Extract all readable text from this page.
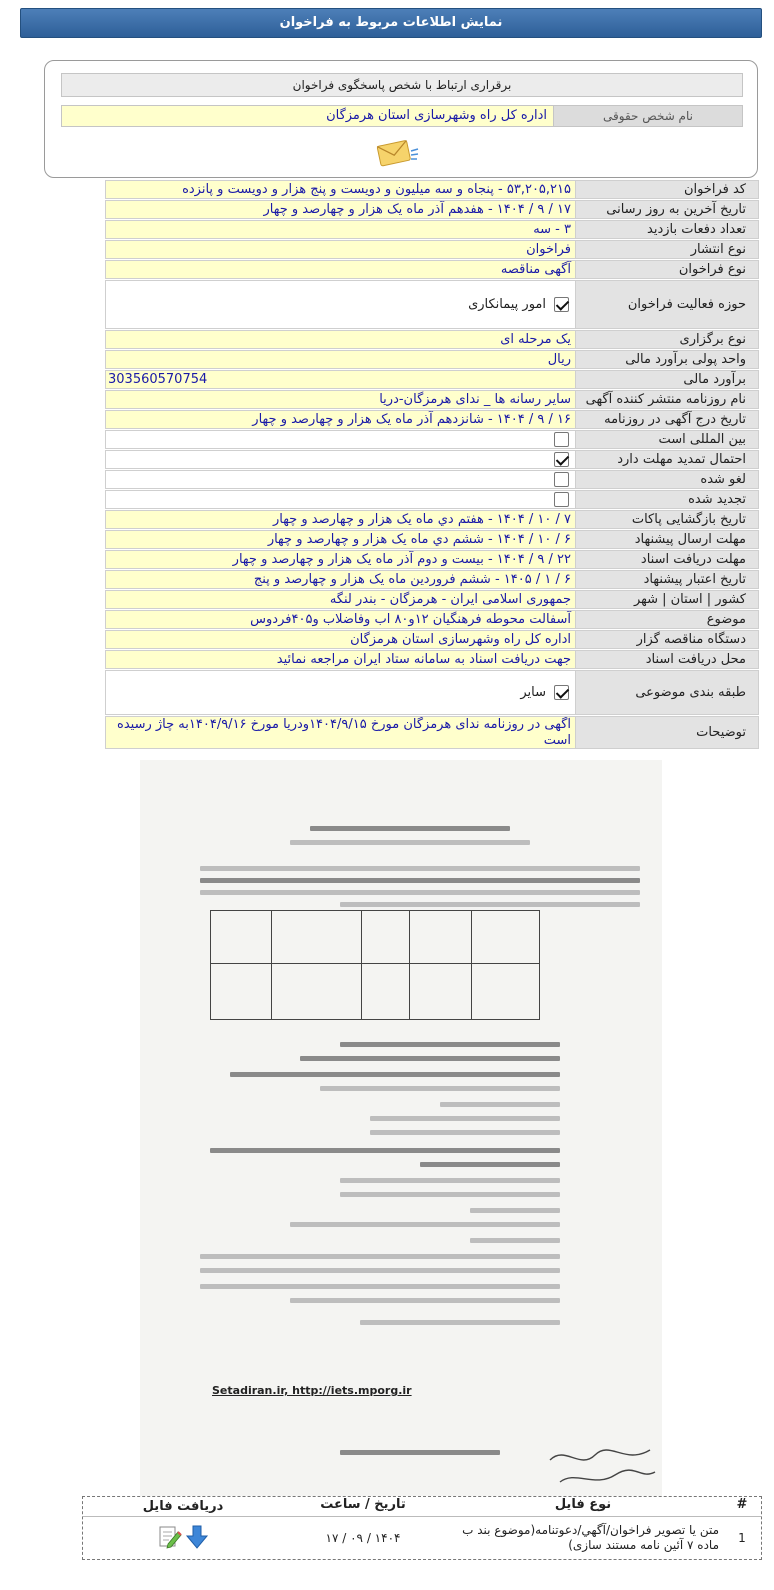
نمایش اطلاعات مربوط به فراخوان
برقراری ارتباط با شخص پاسخگوی فراخوان
نام شخص حقوقی
اداره کل راه وشهرسازی استان هرمزگان
کد فراخوان
۵۳,۲۰۵,۲۱۵ - پنجاه و سه میلیون و دویست و پنج هزار و دویست و پانزده
تاریخ آخرین به روز رسانی
۱۷ / ۹ / ۱۴۰۴ - هفدهم آذر ماه یک هزار و چهارصد و چهار
تعداد دفعات بازدید
۳ - سه
نوع انتشار
فراخوان
نوع فراخوان
آگهی مناقصه
حوزه فعالیت فراخوان
امور پیمانکاری
نوع برگزاری
یک مرحله ای
واحد پولی برآورد مالی
ریال
برآورد مالی
303560570754
نام روزنامه منتشر کننده آگهی
سایر رسانه ها _ ندای هرمزگان-دریا
تاریخ درج آگهی در روزنامه
۱۶ / ۹ / ۱۴۰۴ - شانزدهم آذر ماه یک هزار و چهارصد و چهار
بین المللی است
احتمال تمدید مهلت دارد
لغو شده
تجدید شده
تاریخ بازگشایی پاکات
۷ / ۱۰ / ۱۴۰۴ - هفتم دي ماه یک هزار و چهارصد و چهار
مهلت ارسال پیشنهاد
۶ / ۱۰ / ۱۴۰۴ - ششم دي ماه یک هزار و چهارصد و چهار
مهلت دریافت اسناد
۲۲ / ۹ / ۱۴۰۴ - بیست و دوم آذر ماه یک هزار و چهارصد و چهار
تاریخ اعتبار پیشنهاد
۶ / ۱ / ۱۴۰۵ - ششم فروردین ماه یک هزار و چهارصد و پنج
کشور | استان | شهر
جمهوری اسلامی ایران - هرمزگان - بندر لنگه
موضوع
آسفالت محوطه فرهنگیان ۱۲و۸۰ اب وفاضلاب و۴۰۵فردوس
دستگاه مناقصه گزار
اداره کل راه وشهرسازی استان هرمزگان
محل دریافت اسناد
جهت دریافت اسناد به سامانه ستاد ایران مراجعه نمائید
طبقه بندی موضوعی
سایر
توضیحات
آگهی در روزنامه ندای هرمزگان مورخ ۱۴۰۴/۹/۱۵ودریا مورخ ۱۴۰۴/۹/۱۶به چاژ رسیده است
Setadiran.ir, http://iets.mporg.ir
#
نوع فایل
تاریخ / ساعت
دریافت فایل
1
متن یا تصویر فراخوان/آگهي/دعوتنامه(موضوع بند ب ماده ۷ آئین نامه مستند سازی)
۱۴۰۴ / ۰۹ / ۱۷
